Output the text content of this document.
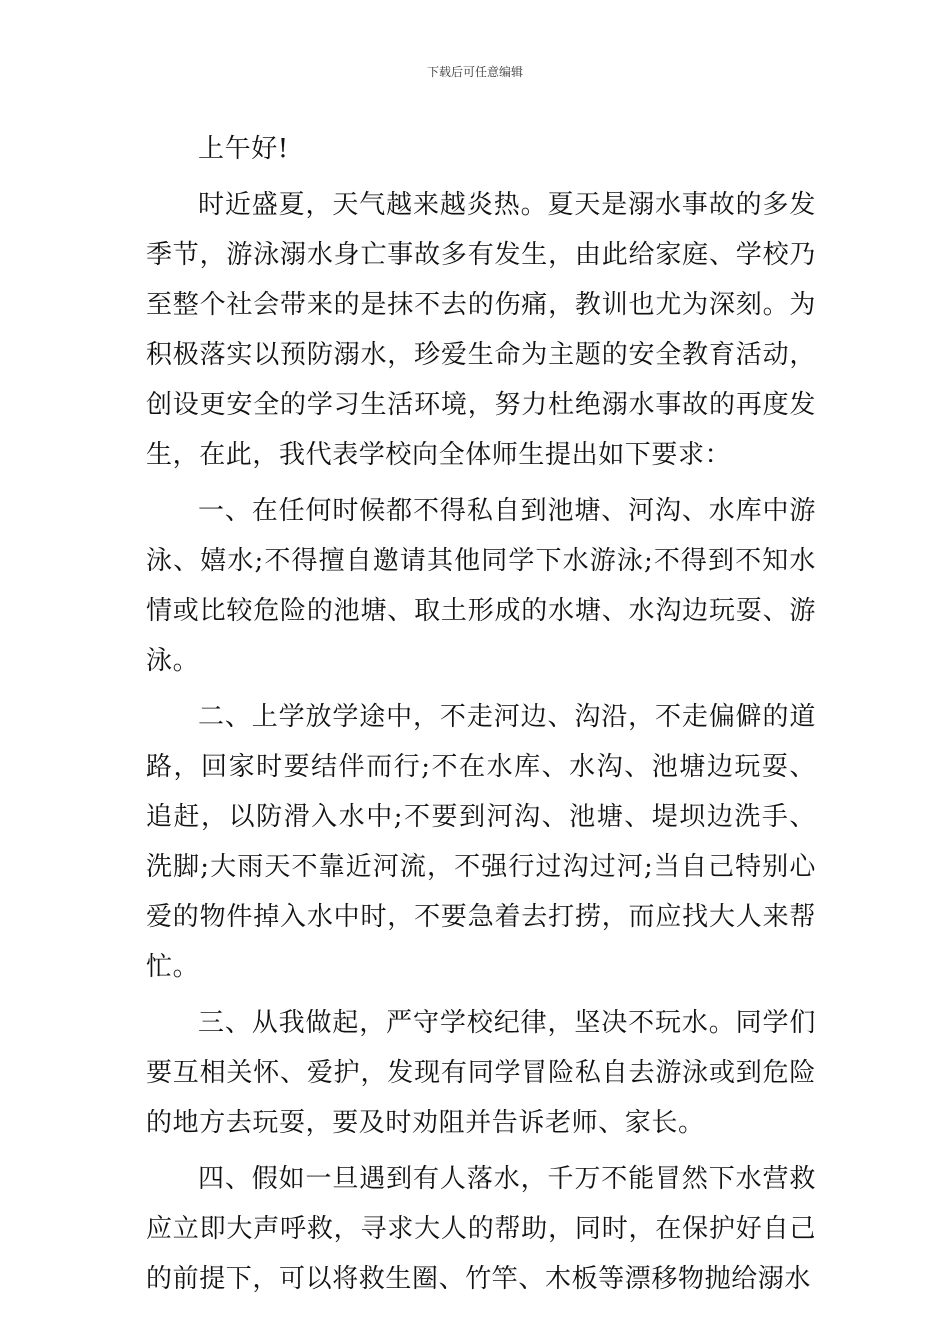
下载后可任意编辑

上午好!

时近盛夏，天气越来越炎热。夏天是溺水事故的多发季节，游泳溺水身亡事故多有发生，由此给家庭、学校乃至整个社会带来的是抹不去的伤痛，教训也尤为深刻。为积极落实以预防溺水，珍爱生命为主题的安全教育活动，创设更安全的学习生活环境，努力杜绝溺水事故的再度发生，在此，我代表学校向全体师生提出如下要求：

一、在任何时候都不得私自到池塘、河沟、水库中游泳、嬉水;不得擅自邀请其他同学下水游泳;不得到不知水情或比较危险的池塘、取土形成的水塘、水沟边玩耍、游泳。

二、上学放学途中，不走河边、沟沿，不走偏僻的道路，回家时要结伴而行;不在水库、水沟、池塘边玩耍、追赶，以防滑入水中;不要到河沟、池塘、堤坝边洗手、洗脚;大雨天不靠近河流，不强行过沟过河;当自己特别心爱的物件掉入水中时，不要急着去打捞，而应找大人来帮忙。

三、从我做起，严守学校纪律，坚决不玩水。同学们要互相关怀、爱护，发现有同学冒险私自去游泳或到危险的地方去玩耍，要及时劝阻并告诉老师、家长。

四、假如一旦遇到有人落水，千万不能冒然下水营救应立即大声呼救，寻求大人的帮助，同时，在保护好自己的前提下，可以将救生圈、竹竿、木板等漂移物抛给溺水
